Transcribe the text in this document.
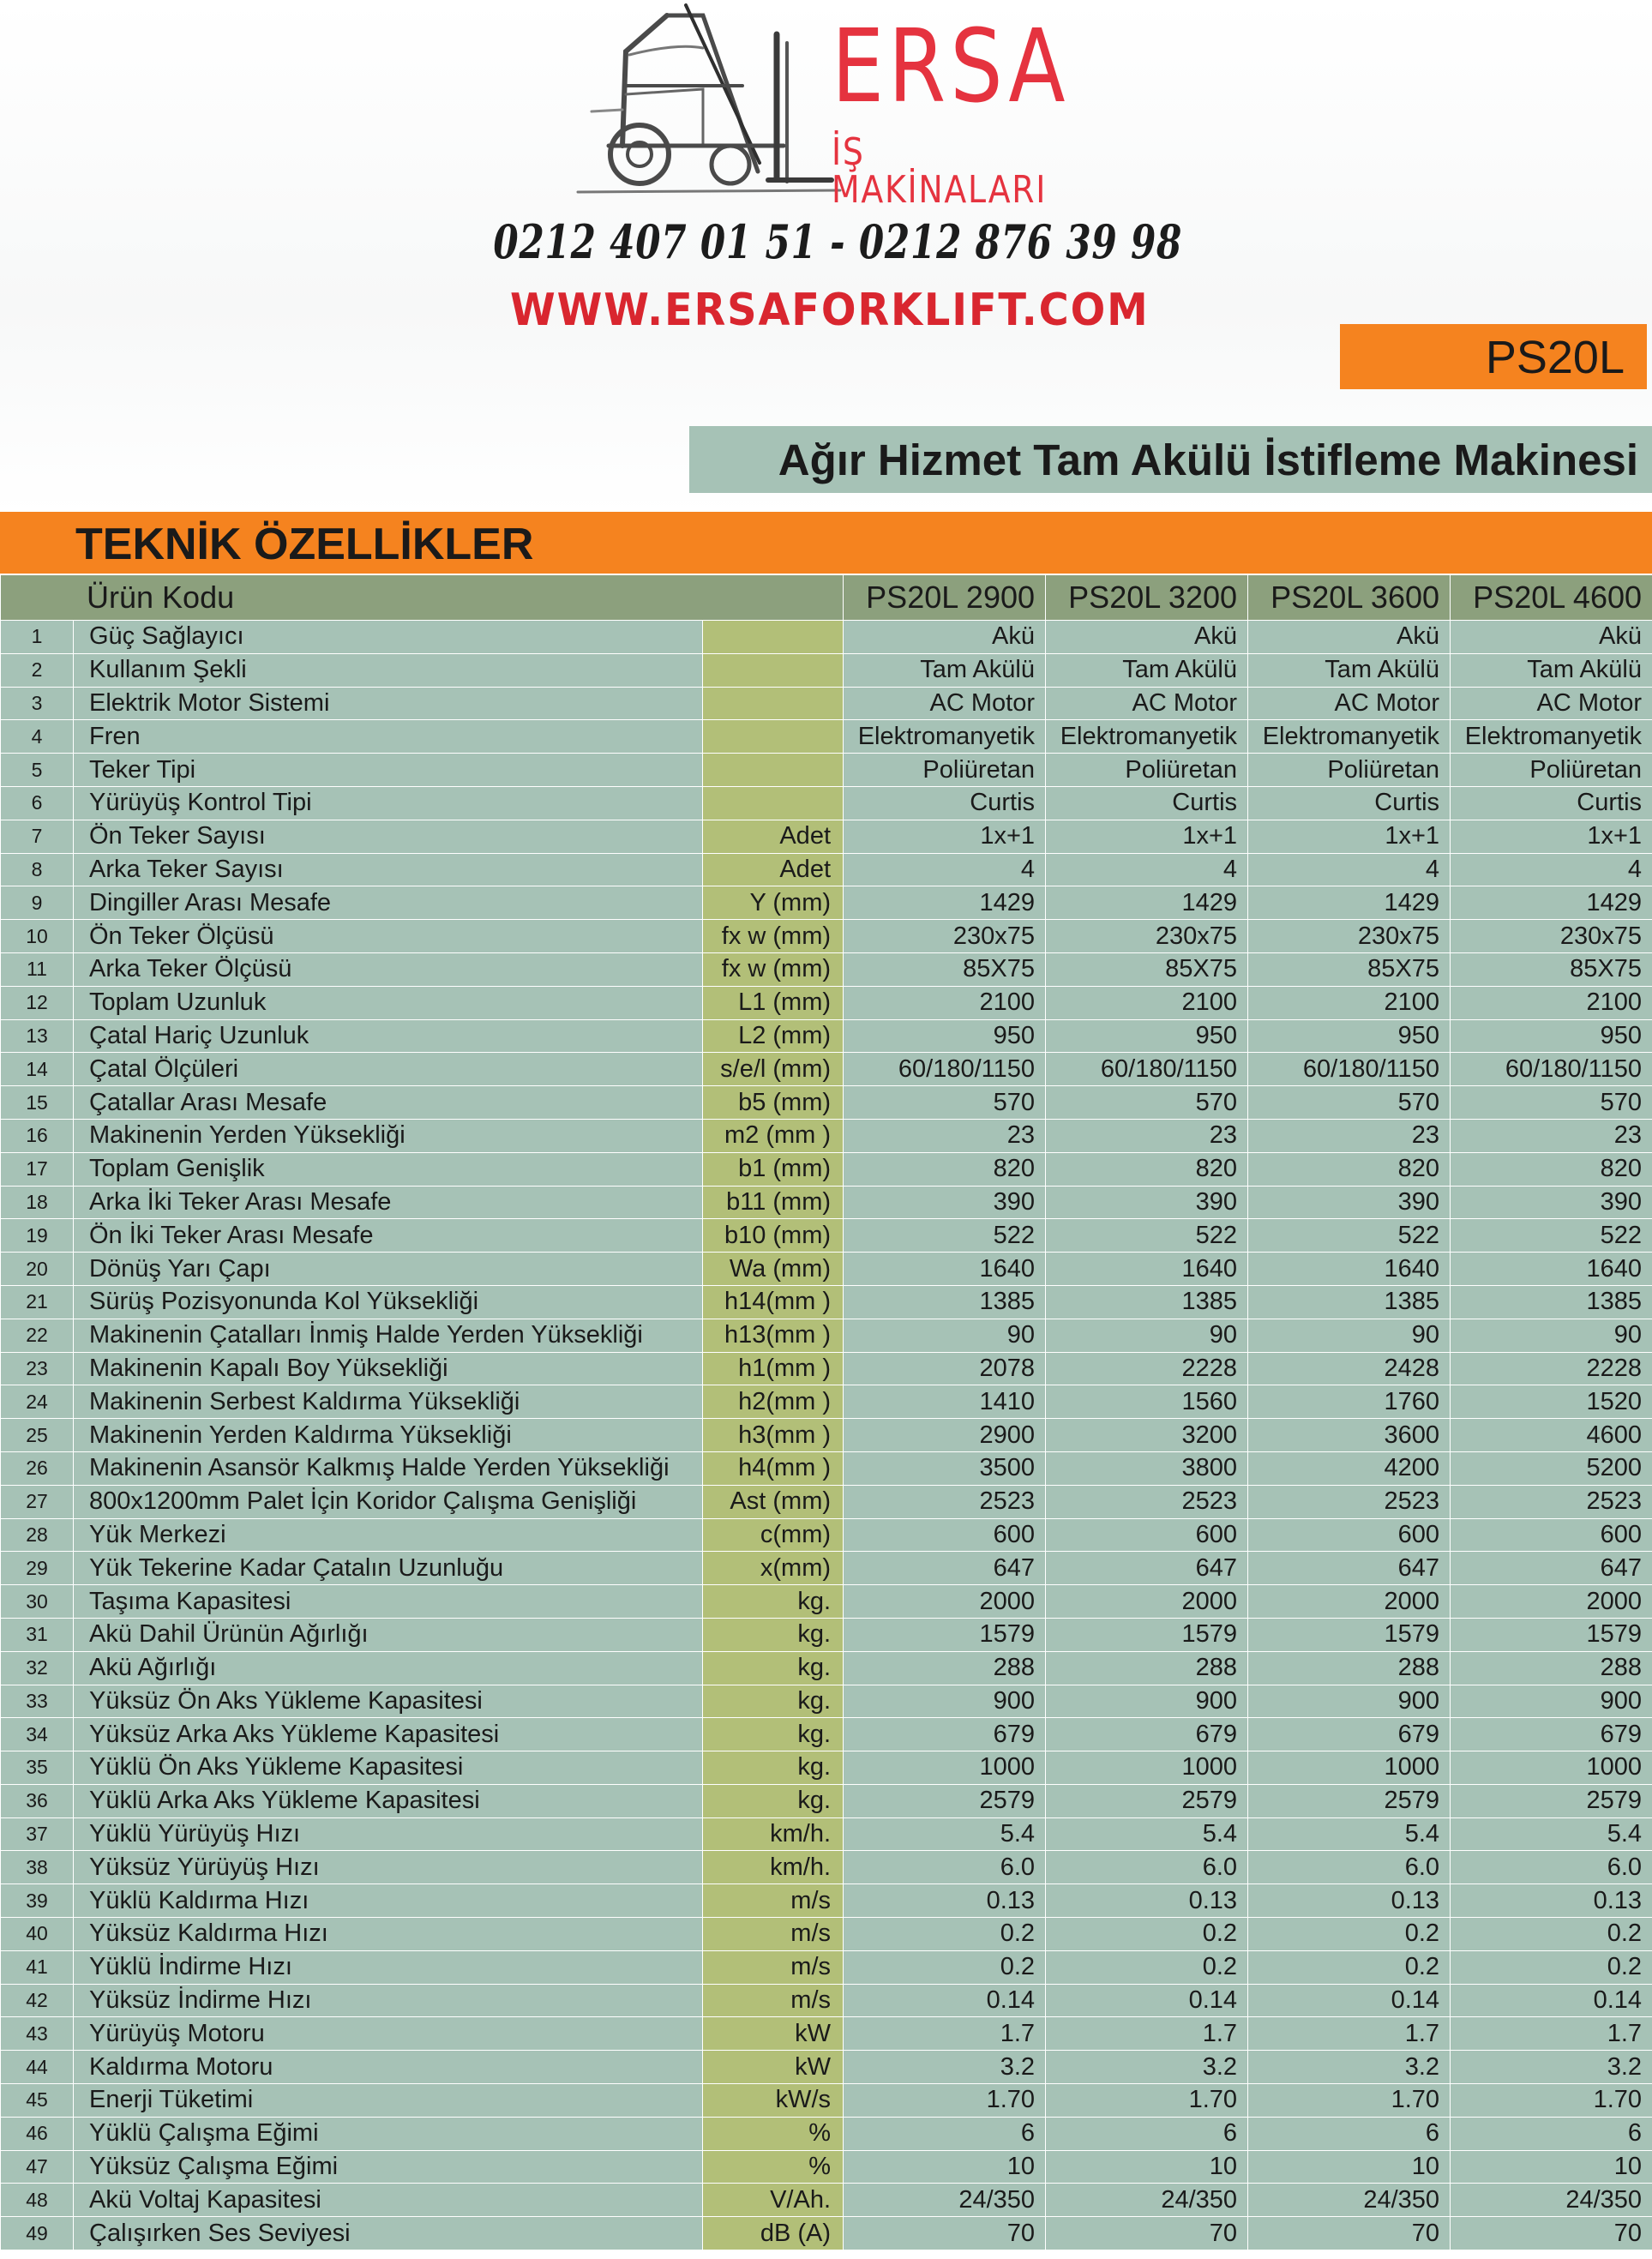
ERSA
İŞ MAKİNALARI
0212 407 01 51 - 0212 876 39 98
WWW.ERSAFORKLIFT.COM
PS20L
Ağır Hizmet Tam Akülü İstifleme Makinesi
TEKNİK ÖZELLİKLER
Ürün Kodu			PS20L 2900	PS20L 3200	PS20L 3600	PS20L 4600
1	Güç Sağlayıcı		Akü	Akü	Akü	Akü
2	Kullanım Şekli		Tam Akülü	Tam Akülü	Tam Akülü	Tam Akülü
3	Elektrik Motor Sistemi		AC Motor	AC Motor	AC Motor	AC Motor
4	Fren		Elektromanyetik	Elektromanyetik	Elektromanyetik	Elektromanyetik
5	Teker Tipi		Poliüretan	Poliüretan	Poliüretan	Poliüretan
6	Yürüyüş Kontrol Tipi		Curtis	Curtis	Curtis	Curtis
7	Ön Teker Sayısı	Adet	1x+1	1x+1	1x+1	1x+1
8	Arka Teker Sayısı	Adet	4	4	4	4
9	Dingiller Arası Mesafe	Y (mm)	1429	1429	1429	1429
10	Ön Teker Ölçüsü	fx w (mm)	230x75	230x75	230x75	230x75
11	Arka Teker Ölçüsü	fx w (mm)	85X75	85X75	85X75	85X75
12	Toplam Uzunluk	L1 (mm)	2100	2100	2100	2100
13	Çatal Hariç Uzunluk	L2 (mm)	950	950	950	950
14	Çatal Ölçüleri	s/e/l (mm)	60/180/1150	60/180/1150	60/180/1150	60/180/1150
15	Çatallar Arası Mesafe	b5 (mm)	570	570	570	570
16	Makinenin Yerden Yüksekliği	m2 (mm )	23	23	23	23
17	Toplam Genişlik	b1 (mm)	820	820	820	820
18	Arka İki Teker Arası Mesafe	b11 (mm)	390	390	390	390
19	Ön İki Teker Arası Mesafe	b10 (mm)	522	522	522	522
20	Dönüş Yarı Çapı	Wa (mm)	1640	1640	1640	1640
21	Sürüş Pozisyonunda Kol Yüksekliği	h14(mm )	1385	1385	1385	1385
22	Makinenin Çatalları İnmiş Halde Yerden Yüksekliği	h13(mm )	90	90	90	90
23	Makinenin Kapalı Boy Yüksekliği	h1(mm )	2078	2228	2428	2228
24	Makinenin Serbest Kaldırma Yüksekliği	h2(mm )	1410	1560	1760	1520
25	Makinenin Yerden Kaldırma Yüksekliği	h3(mm )	2900	3200	3600	4600
26	Makinenin Asansör Kalkmış Halde Yerden Yüksekliği	h4(mm )	3500	3800	4200	5200
27	800x1200mm Palet İçin Koridor Çalışma Genişliği	Ast (mm)	2523	2523	2523	2523
28	Yük Merkezi	c(mm)	600	600	600	600
29	Yük Tekerine Kadar Çatalın Uzunluğu	x(mm)	647	647	647	647
30	Taşıma Kapasitesi	kg.	2000	2000	2000	2000
31	Akü Dahil Ürünün Ağırlığı	kg.	1579	1579	1579	1579
32	Akü Ağırlığı	kg.	288	288	288	288
33	Yüksüz Ön Aks Yükleme Kapasitesi	kg.	900	900	900	900
34	Yüksüz Arka Aks Yükleme Kapasitesi	kg.	679	679	679	679
35	Yüklü Ön Aks Yükleme Kapasitesi	kg.	1000	1000	1000	1000
36	Yüklü Arka Aks Yükleme Kapasitesi	kg.	2579	2579	2579	2579
37	Yüklü Yürüyüş Hızı	km/h.	5.4	5.4	5.4	5.4
38	Yüksüz Yürüyüş Hızı	km/h.	6.0	6.0	6.0	6.0
39	Yüklü Kaldırma Hızı	m/s	0.13	0.13	0.13	0.13
40	Yüksüz Kaldırma Hızı	m/s	0.2	0.2	0.2	0.2
41	Yüklü İndirme Hızı	m/s	0.2	0.2	0.2	0.2
42	Yüksüz İndirme Hızı	m/s	0.14	0.14	0.14	0.14
43	Yürüyüş Motoru	kW	1.7	1.7	1.7	1.7
44	Kaldırma Motoru	kW	3.2	3.2	3.2	3.2
45	Enerji Tüketimi	kW/s	1.70	1.70	1.70	1.70
46	Yüklü Çalışma Eğimi	%	6	6	6	6
47	Yüksüz Çalışma Eğimi	%	10	10	10	10
48	Akü Voltaj Kapasitesi	V/Ah.	24/350	24/350	24/350	24/350
49	Çalışırken Ses Seviyesi	dB (A)	70	70	70	70
